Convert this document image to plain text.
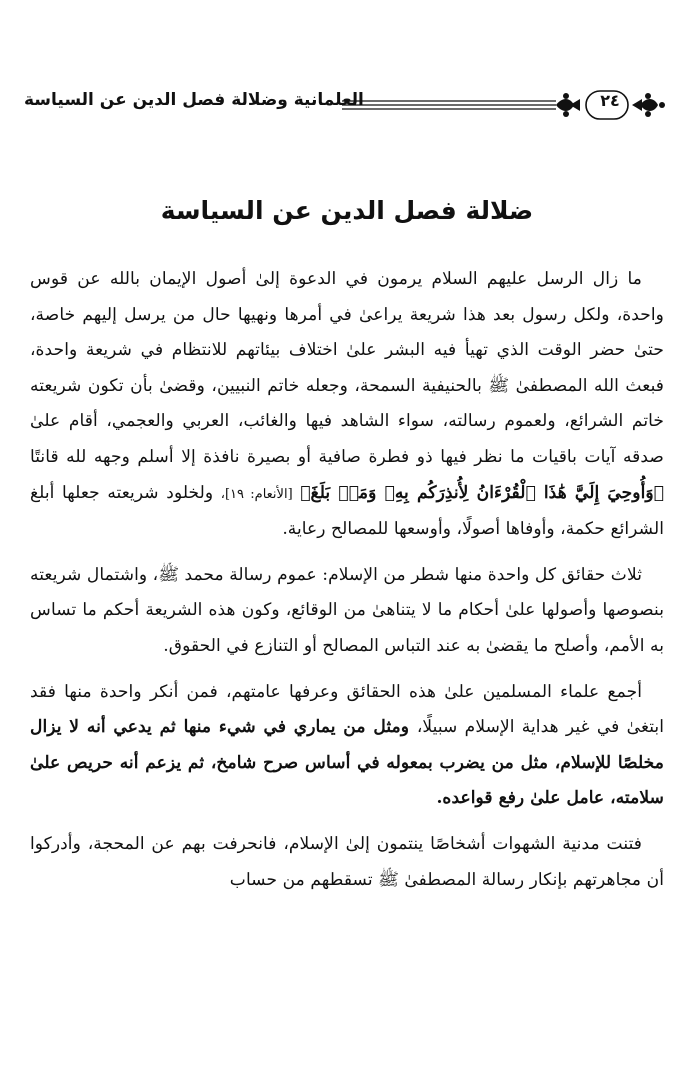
العلمانية وضلالة فصل الدين عن السياسة	٢٤
ضلالة فصل الدين عن السياسة

ما زال الرسل عليهم السلام يرمون في الدعوة إلىٰ أصول الإيمان بالله عن قوس واحدة، ولكل رسول بعد هذا شريعة يراعىٰ في أمرها ونهيها حال من يرسل إليهم خاصة، حتىٰ حضر الوقت الذي تهيأ فيه البشر علىٰ اختلاف بيئاتهم للانتظام في شريعة واحدة، فبعث الله المصطفىٰ ﷺ بالحنيفية السمحة، وجعله خاتم النبيين، وقضىٰ بأن تكون شريعته خاتم الشرائع، ولعموم رسالته، سواء الشاهد فيها والغائب، العربي والعجمي، أقام علىٰ صدقه آيات باقيات ما نظر فيها ذو فطرة صافية أو بصيرة نافذة إلا أسلم وجهه لله قانتًا ﴿وَأُوحِيَ إِلَيَّ هَٰذَا ٱلْقُرْءَانُ لِأُنذِرَكُم بِهِۦ وَمَنۢ بَلَغَ﴾ [الأنعام: ١٩]، ولخلود شريعته جعلها أبلغ الشرائع حكمة، وأوفاها أصولًا، وأوسعها للمصالح رعاية.

ثلاث حقائق كل واحدة منها شطر من الإسلام: عموم رسالة محمد ﷺ، واشتمال شريعته بنصوصها وأصولها علىٰ أحكام ما لا يتناهىٰ من الوقائع، وكون هذه الشريعة أحكم ما تساس به الأمم، وأصلح ما يقضىٰ به عند التباس المصالح أو التنازع في الحقوق.

أجمع علماء المسلمين علىٰ هذه الحقائق وعرفها عامتهم، فمن أنكر واحدة منها فقد ابتغىٰ في غير هداية الإسلام سبيلًا، ومثل من يماري في شيء منها ثم يدعي أنه لا يزال مخلصًا للإسلام، مثل من يضرب بمعوله في أساس صرح شامخ، ثم يزعم أنه حريص علىٰ سلامته، عامل علىٰ رفع قواعده.

فتنت مدنية الشهوات أشخاصًا ينتمون إلىٰ الإسلام، فانحرفت بهم عن المحجة، وأدركوا أن مجاهرتهم بإنكار رسالة المصطفىٰ ﷺ تسقطهم من حساب
